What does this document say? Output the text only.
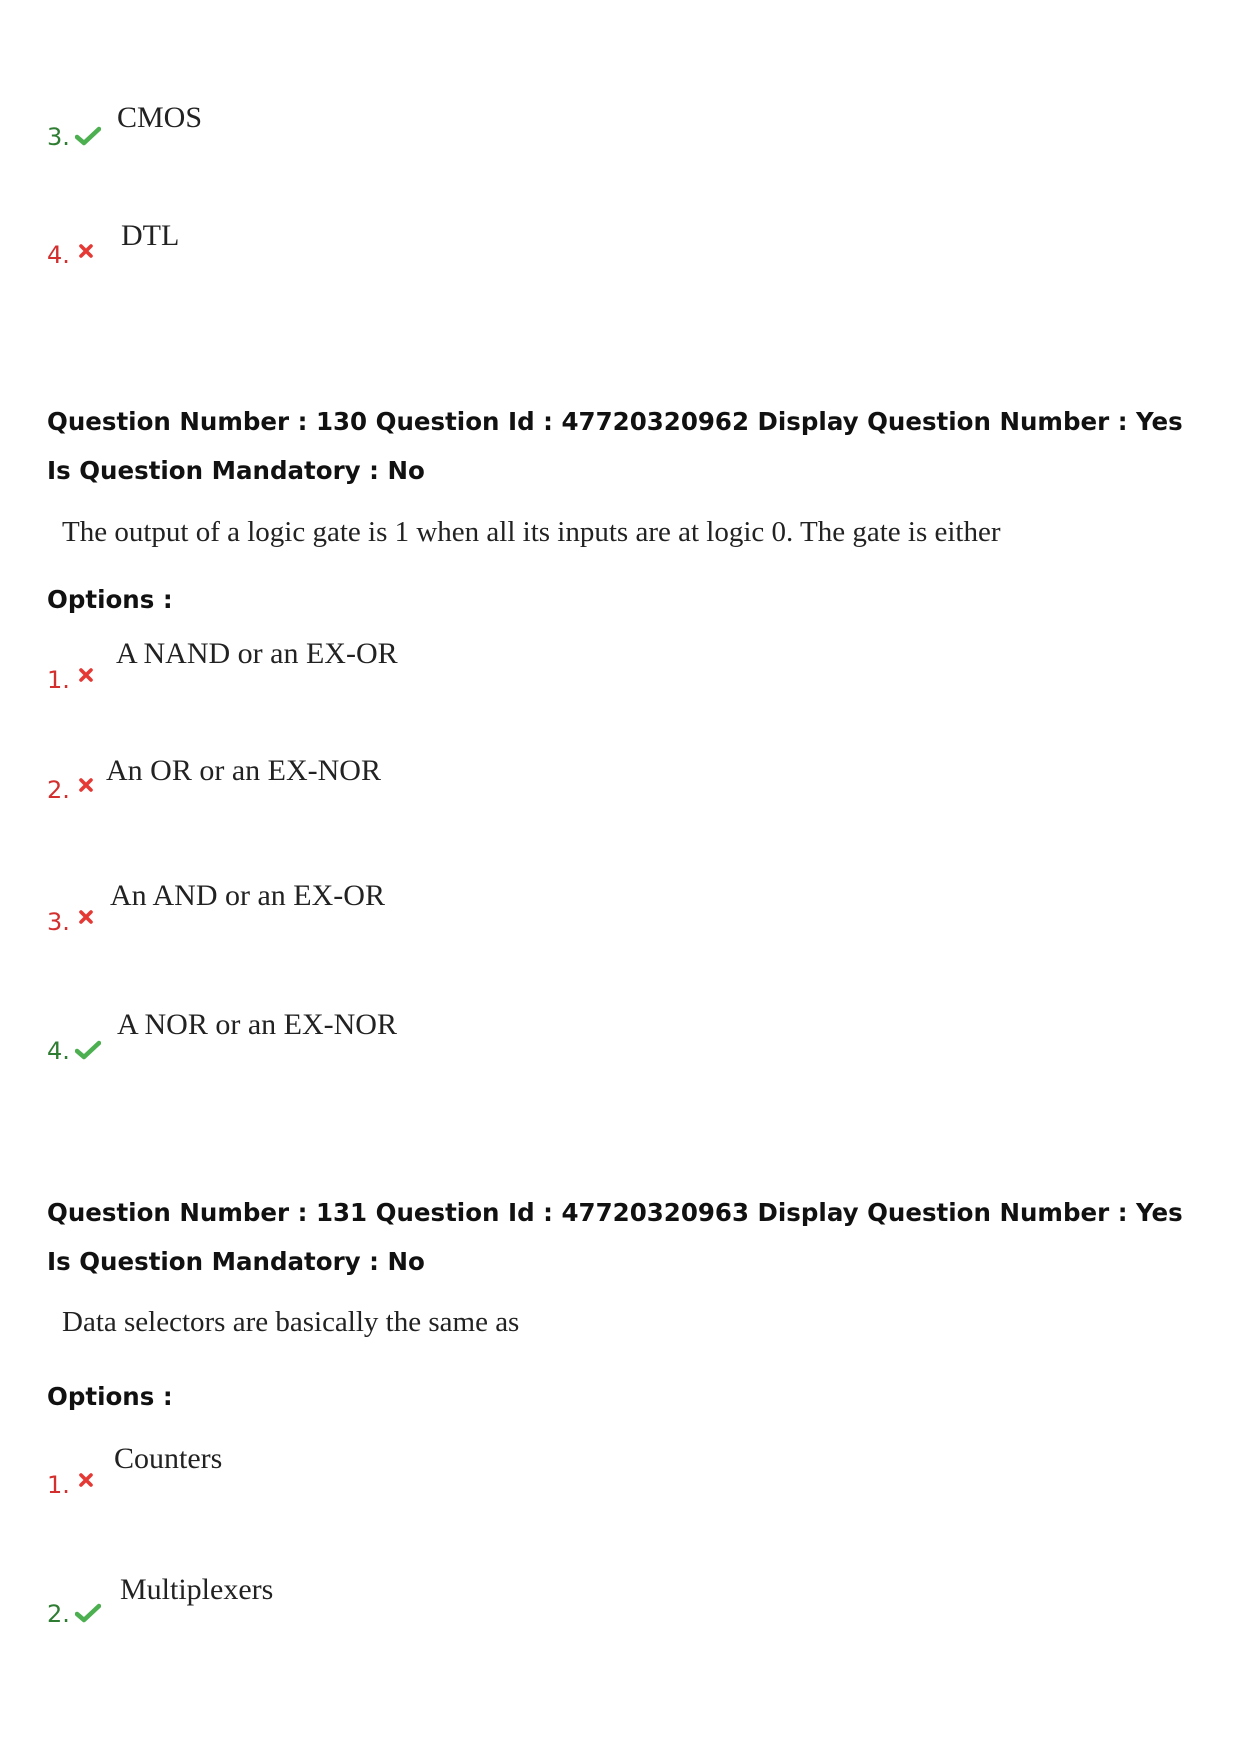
3.
CMOS
4.
DTL
Question Number : 130 Question Id : 47720320962 Display Question Number : Yes Is Question Mandatory : No
The output of a logic gate is 1 when all its inputs are at logic 0. The gate is either
Options :
1.
A NAND or an EX-OR
2.
An OR or an EX-NOR
3.
An AND or an EX-OR
4.
A NOR or an EX-NOR
Question Number : 131 Question Id : 47720320963 Display Question Number : Yes Is Question Mandatory : No
Data selectors are basically the same as
Options :
1.
Counters
2.
Multiplexers
